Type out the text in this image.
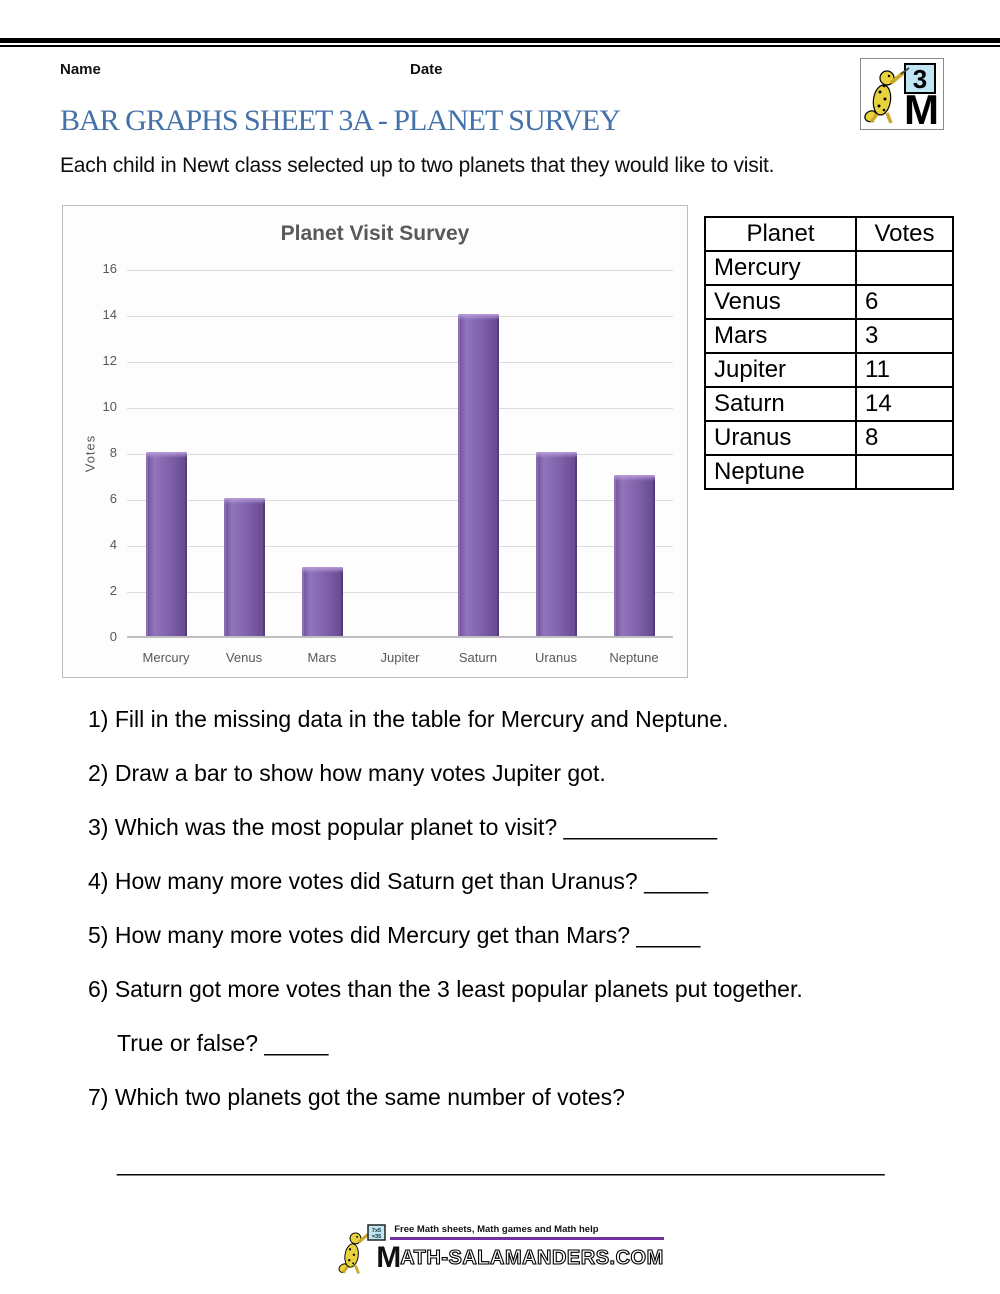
Name	Date	3
M
BAR GRAPHS SHEET 3A - PLANET SURVEY
Each child in Newt class selected up to two planets that they would like to visit.
Planet Visit Survey
Votes
0
2
4
6
8
10
12
14
16
Mercury	Venus	Mars	Jupiter	Saturn	Uranus	Neptune
Planet	Votes
Mercury	
Venus	6
Mars	3
Jupiter	11
Saturn	14
Uranus	8
Neptune	
1) Fill in the missing data in the table for Mercury and Neptune.
2) Draw a bar to show how many votes Jupiter got.
3) Which was the most popular planet to visit? ____________
4) How many more votes did Saturn get than Uranus? _____
5) How many more votes did Mercury get than Mars? _____
6) Saturn got more votes than the 3 least popular planets put together.
True or false? _____
7) Which two planets got the same number of votes?
____________________________________________________________
7x5
=35
Free Math sheets, Math games and Math help
MATH-SALAMANDERS.COM
